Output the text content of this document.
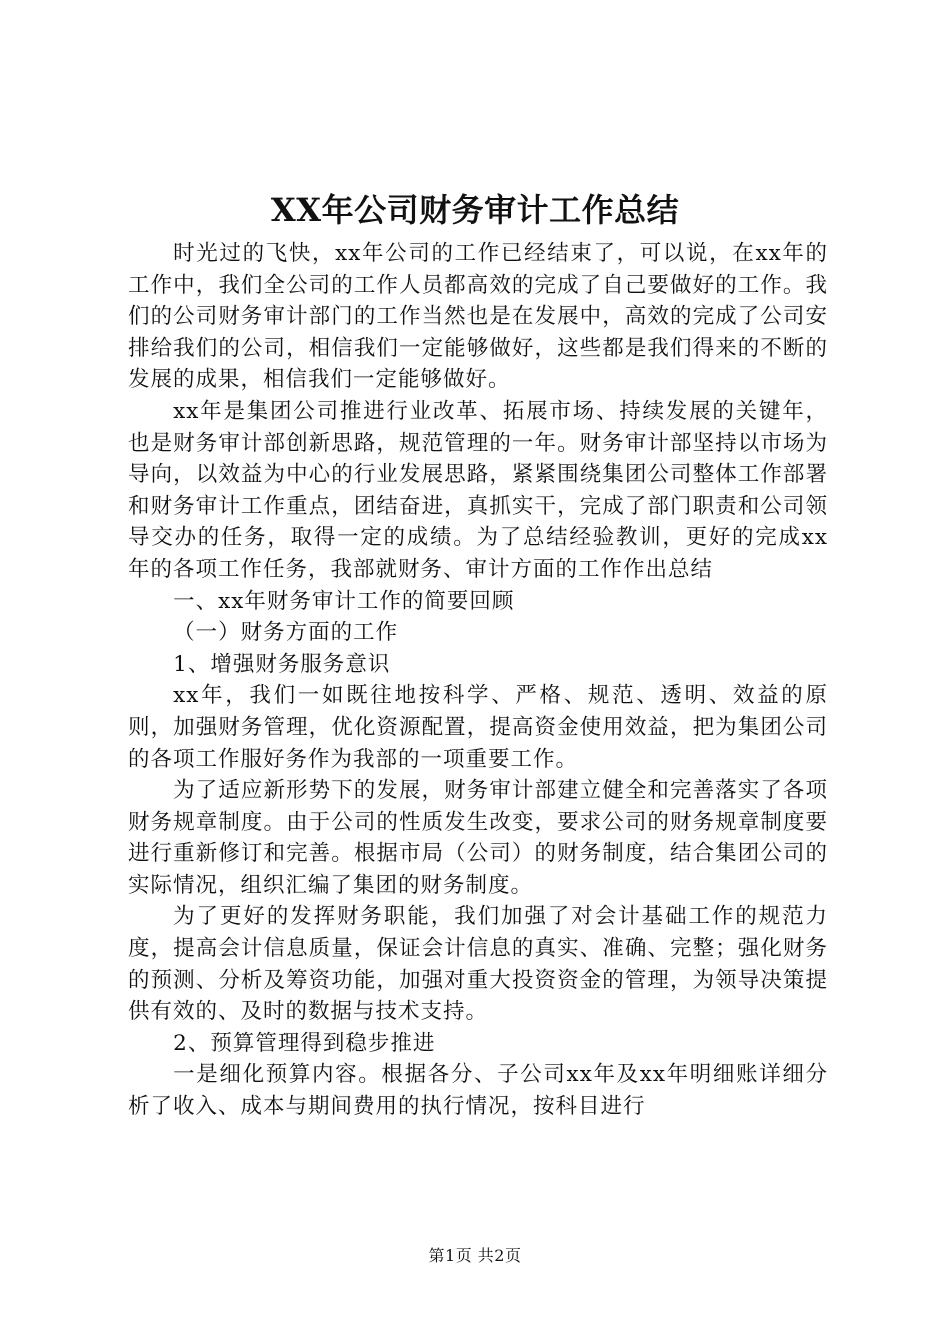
XX年公司财务审计工作总结

时光过的飞快，xx年公司的工作已经结束了，可以说，在xx年的工作中，我们全公司的工作人员都高效的完成了自己要做好的工作。我们的公司财务审计部门的工作当然也是在发展中，高效的完成了公司安排给我们的公司，相信我们一定能够做好，这些都是我们得来的不断的发展的成果，相信我们一定能够做好。

xx年是集团公司推进行业改革、拓展市场、持续发展的关键年，也是财务审计部创新思路，规范管理的一年。财务审计部坚持以市场为导向，以效益为中心的行业发展思路，紧紧围绕集团公司整体工作部署和财务审计工作重点，团结奋进，真抓实干，完成了部门职责和公司领导交办的任务，取得一定的成绩。为了总结经验教训，更好的完成xx年的各项工作任务，我部就财务、审计方面的工作作出总结

一、xx年财务审计工作的简要回顾

（一）财务方面的工作

1、增强财务服务意识

xx年，我们一如既往地按科学、严格、规范、透明、效益的原则，加强财务管理，优化资源配置，提高资金使用效益，把为集团公司的各项工作服好务作为我部的一项重要工作。

为了适应新形势下的发展，财务审计部建立健全和完善落实了各项财务规章制度。由于公司的性质发生改变，要求公司的财务规章制度要进行重新修订和完善。根据市局（公司）的财务制度，结合集团公司的实际情况，组织汇编了集团的财务制度。

为了更好的发挥财务职能，我们加强了对会计基础工作的规范力度，提高会计信息质量，保证会计信息的真实、准确、完整；强化财务的预测、分析及筹资功能，加强对重大投资资金的管理，为领导决策提供有效的、及时的数据与技术支持。

2、预算管理得到稳步推进

一是细化预算内容。根据各分、子公司xx年及xx年明细账详细分析了收入、成本与期间费用的执行情况，按科目进行

第1页 共2页
